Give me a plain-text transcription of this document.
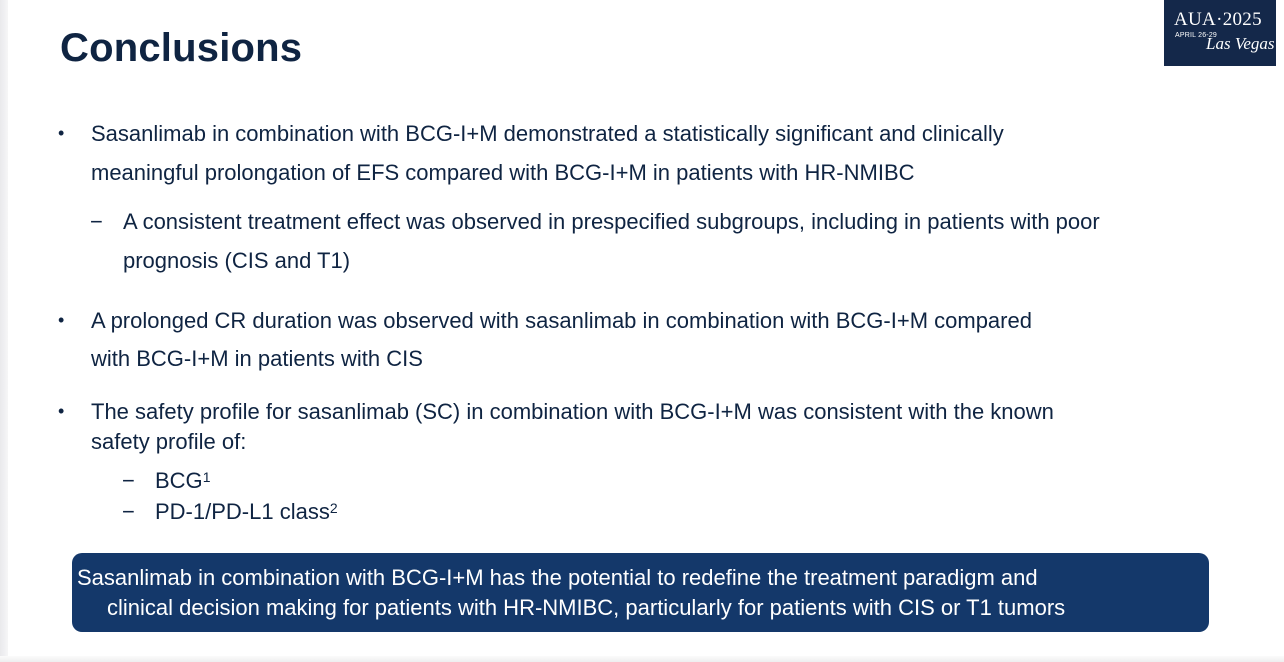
Conclusions
AUA·2025
APRIL 26-29
Las Vegas
• Sasanlimab in combination with BCG-I+M demonstrated a statistically significant and clinically
meaningful prolongation of EFS compared with BCG-I+M in patients with HR-NMIBC
− A consistent treatment effect was observed in prespecified subgroups, including in patients with poor
prognosis (CIS and T1)
• A prolonged CR duration was observed with sasanlimab in combination with BCG-I+M compared
with BCG-I+M in patients with CIS
• The safety profile for sasanlimab (SC) in combination with BCG-I+M was consistent with the known
safety profile of:
− BCG$^1$
− PD-1/PD-L1 class$^2$
Sasanlimab in combination with BCG-I+M has the potential to redefine the treatment paradigm and
clinical decision making for patients with HR-NMIBC, particularly for patients with CIS or T1 tumors
